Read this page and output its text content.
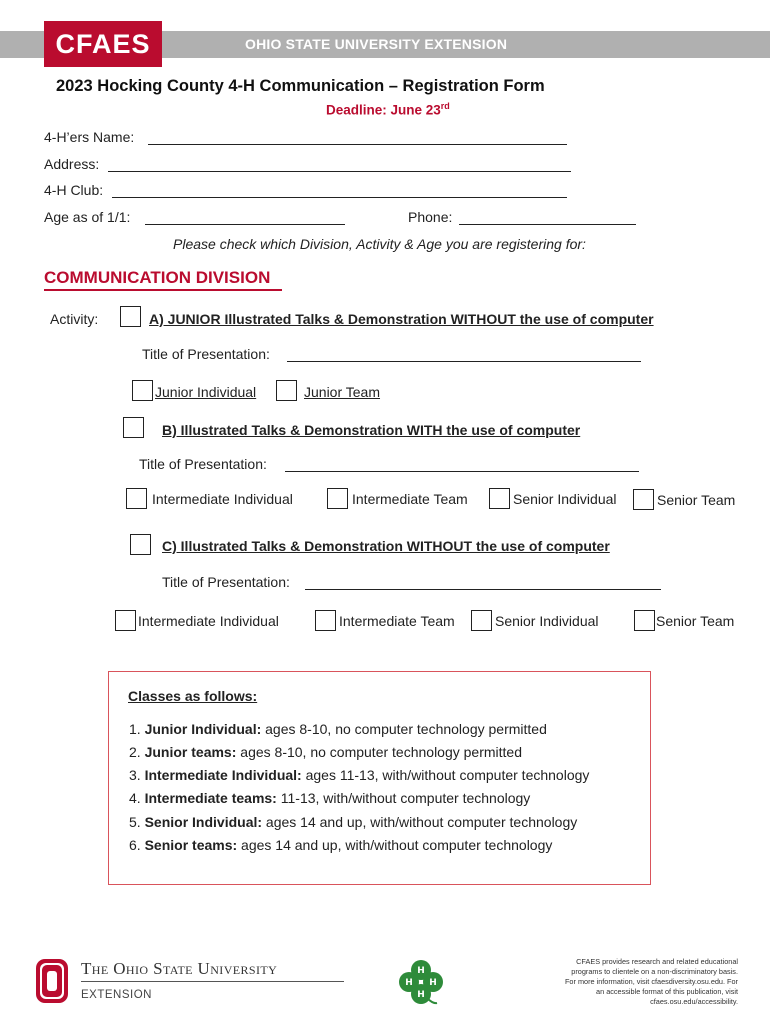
OHIO STATE UNIVERSITY EXTENSION
CFAES
2023 Hocking County 4-H Communication – Registration Form
Deadline: June 23rd
4-H’ers Name:
Address:
4-H Club:
Age as of 1/1:	Phone:
Please check which Division, Activity & Age you are registering for:
COMMUNICATION DIVISION
Activity:	A) JUNIOR Illustrated Talks & Demonstration WITHOUT the use of computer
Title of Presentation:
Junior Individual	Junior Team
B) Illustrated Talks & Demonstration WITH the use of computer
Title of Presentation:
Intermediate Individual	Intermediate Team	Senior Individual	Senior Team
C) Illustrated Talks & Demonstration WITHOUT the use of computer
Title of Presentation:
Intermediate Individual	Intermediate Team	Senior Individual	Senior Team
Classes as follows:
1. Junior Individual: ages 8-10, no computer technology permitted
2. Junior teams: ages 8-10, no computer technology permitted
3. Intermediate Individual: ages 11-13, with/without computer technology
4. Intermediate teams: 11-13, with/without computer technology
5. Senior Individual: ages 14 and up, with/without computer technology
6. Senior teams: ages 14 and up, with/without computer technology
The Ohio State University
EXTENSION
H
H
H
H
CFAES provides research and related educational programs to clientele on a non-discriminatory basis. For more information, visit cfaesdiversity.osu.edu. For an accessible format of this publication, visit cfaes.osu.edu/accessibility.
